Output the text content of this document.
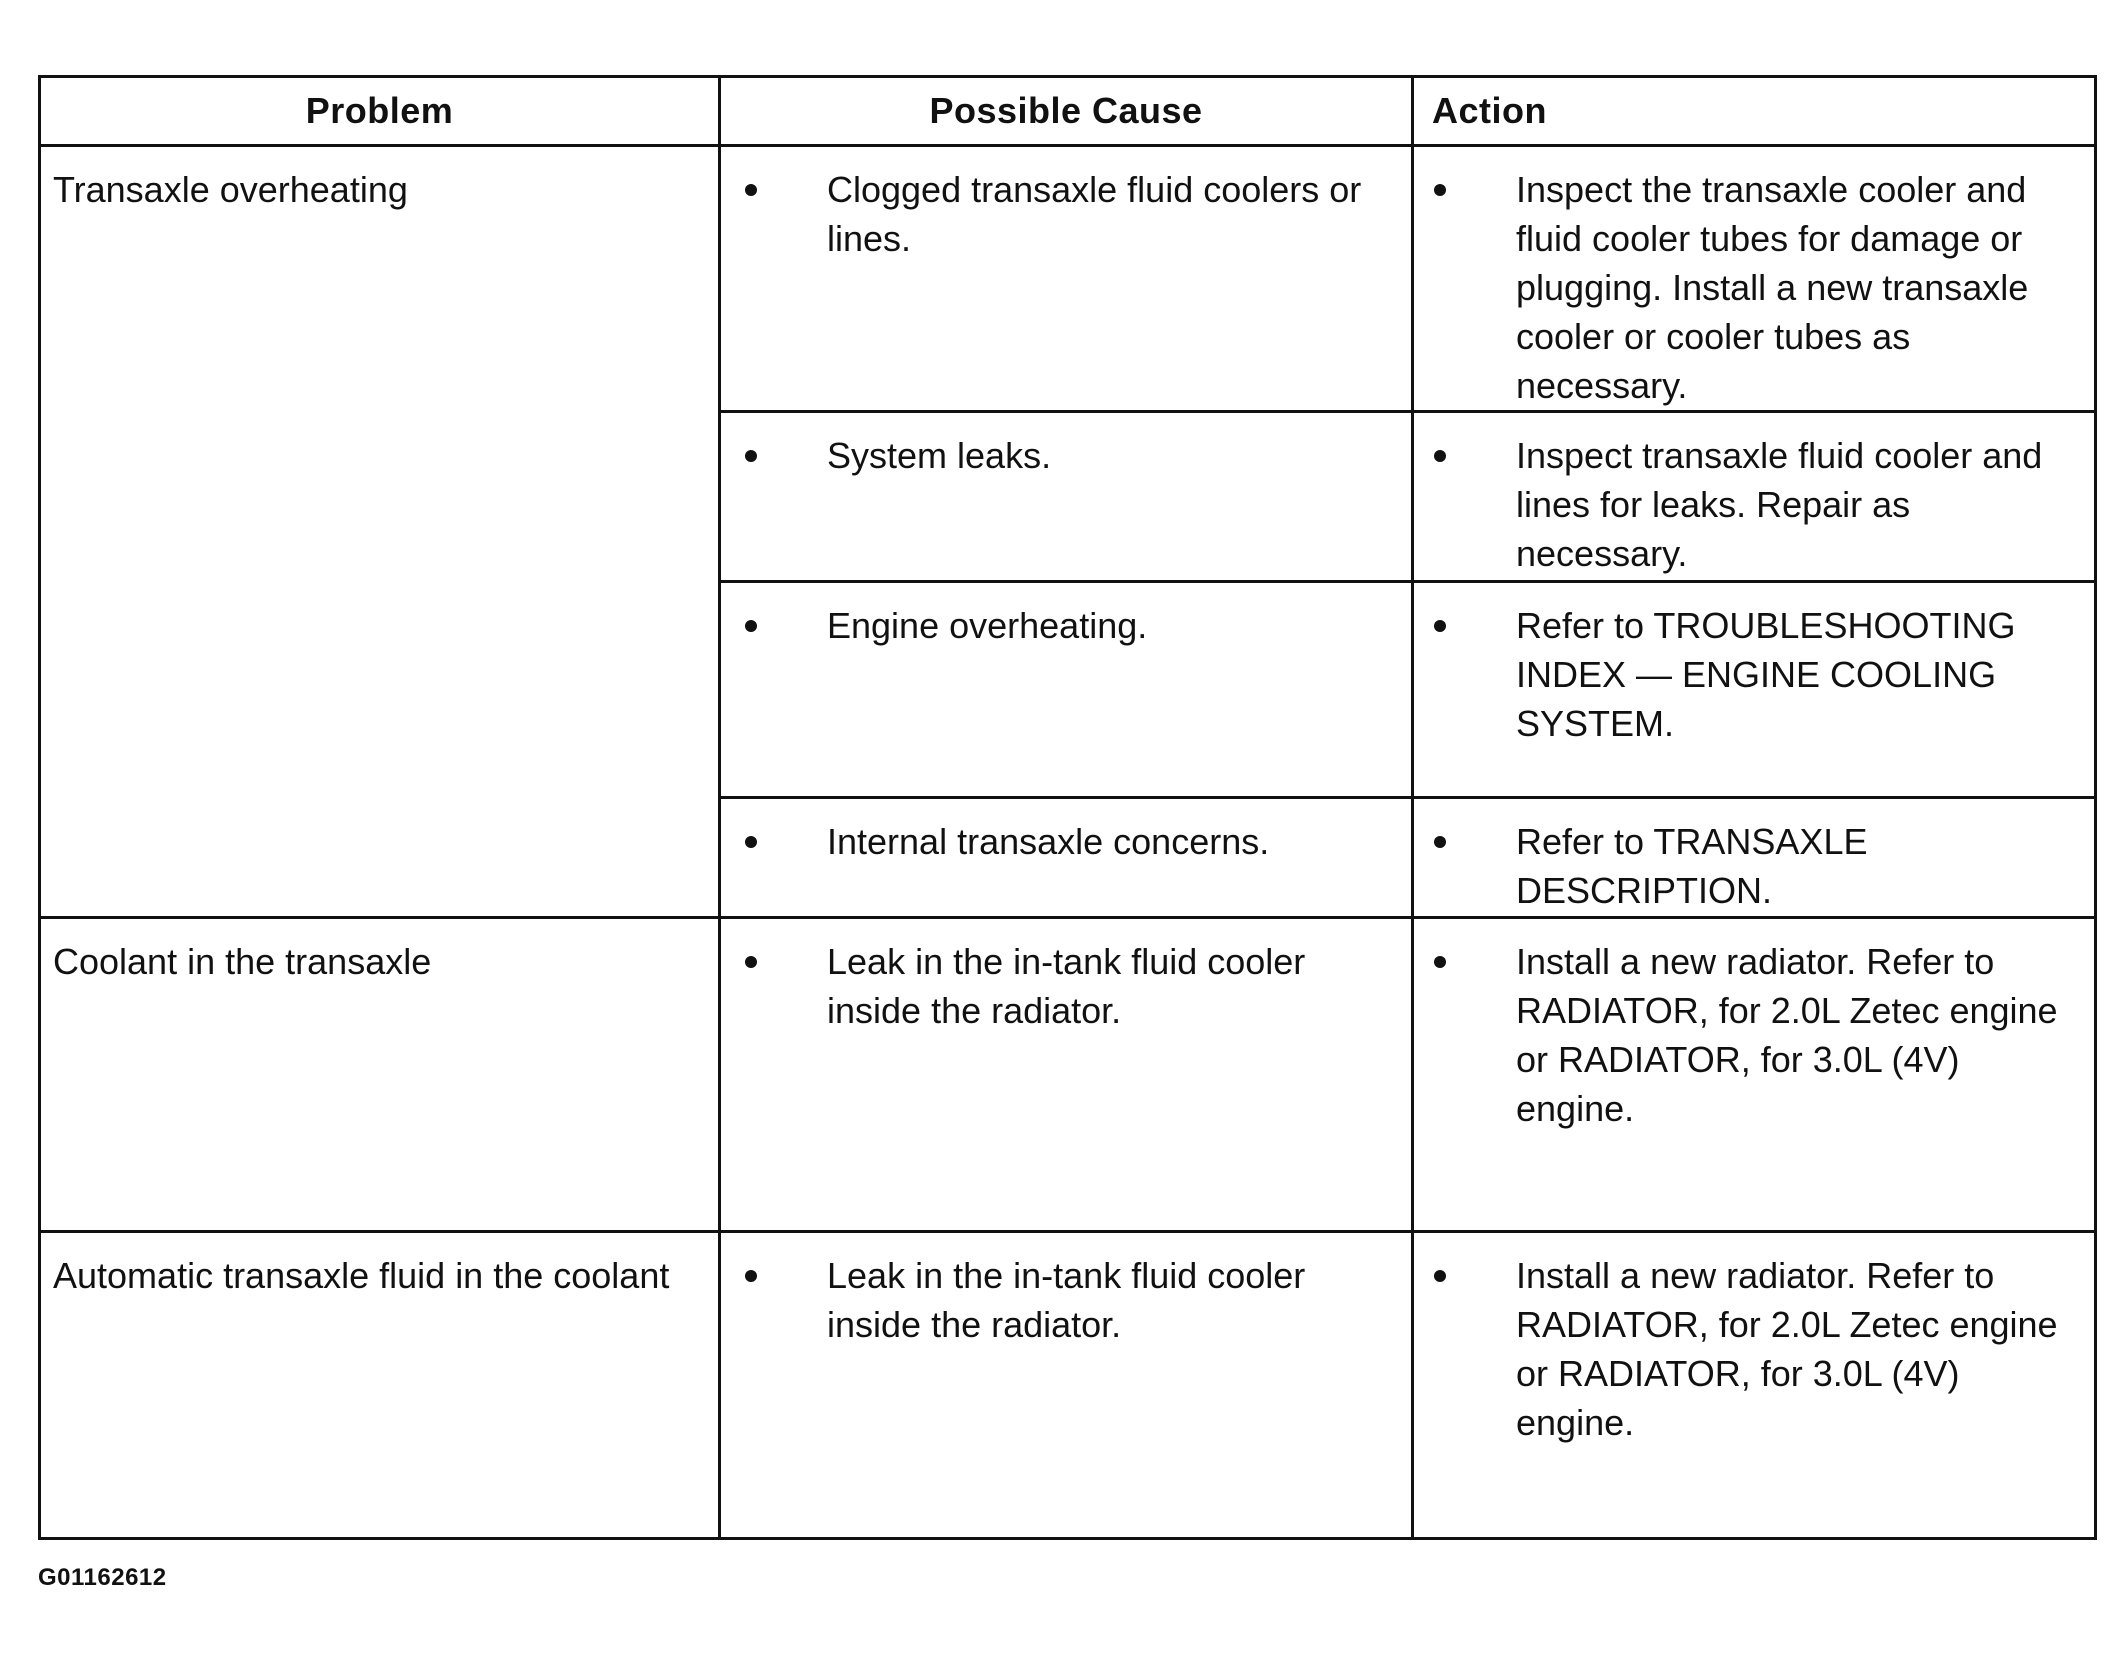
Problem	Possible Cause	Action
Transaxle overheating	Clogged transaxle fluid coolers or lines.	Inspect the transaxle cooler and fluid cooler tubes for damage or plugging. Install a new transaxle cooler or cooler tubes as necessary.

	System leaks.	Inspect transaxle fluid cooler and lines for leaks. Repair as necessary.

	Engine overheating.	Refer to TROUBLESHOOTING INDEX — ENGINE COOLING SYSTEM.

	Internal transaxle concerns.	Refer to TRANSAXLE DESCRIPTION.

Coolant in the transaxle	Leak in the in-tank fluid cooler inside the radiator.	Install a new radiator. Refer to RADIATOR, for 2.0L Zetec engine or RADIATOR, for 3.0L (4V) engine.

Automatic transaxle fluid in the coolant	Leak in the in-tank fluid cooler inside the radiator.	Install a new radiator. Refer to RADIATOR, for 2.0L Zetec engine or RADIATOR, for 3.0L (4V) engine.
G01162612
